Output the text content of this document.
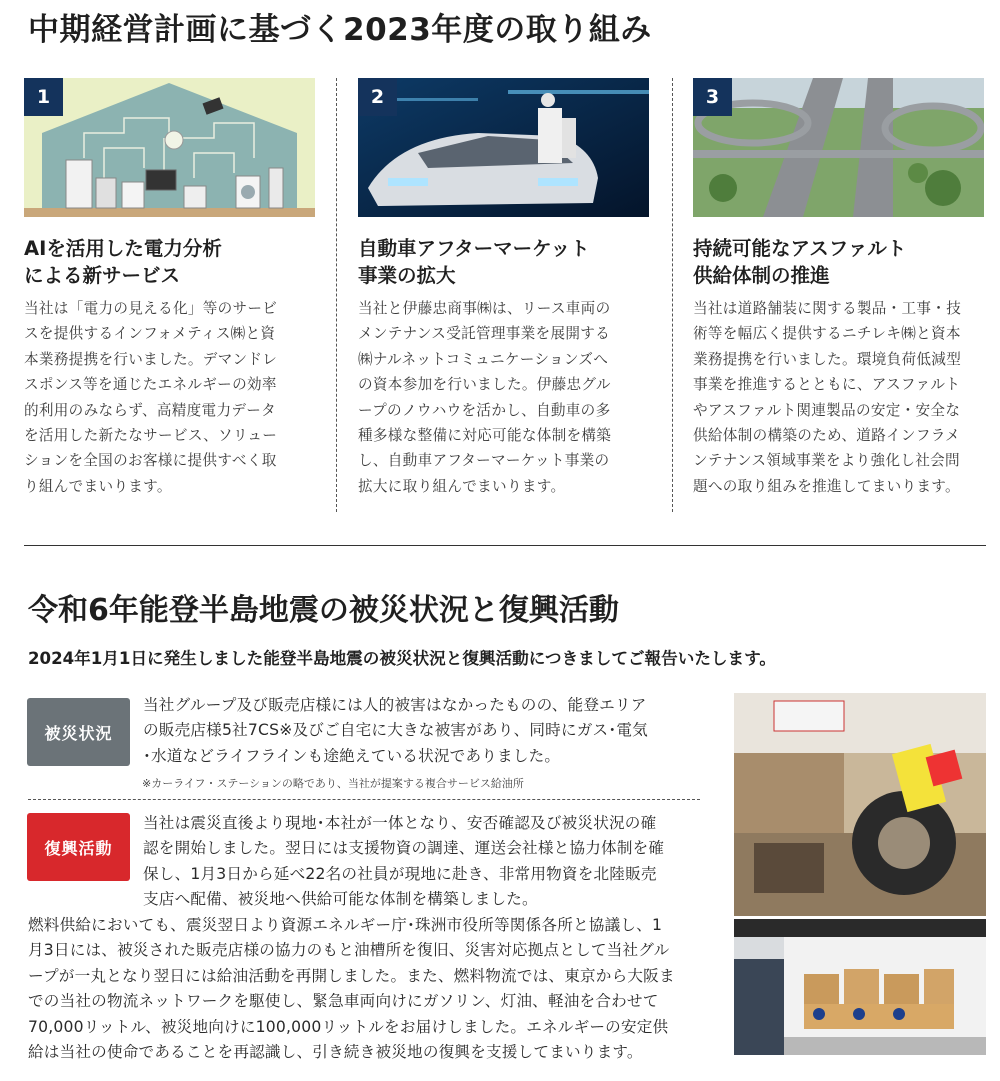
中期経営計画に基づく2023年度の取り組み
1
AIを活用した電力分析
による新サービス
当社は「電力の見える化」等のサービ
スを提供するインフォメティス㈱と資
本業務提携を行いました。デマンドレ
スポンス等を通じたエネルギーの効率
的利用のみならず、高精度電力データ
を活用した新たなサービス、ソリュー
ションを全国のお客様に提供すべく取
り組んでまいります。
2
自動車アフターマーケット
事業の拡大
当社と伊藤忠商事㈱は、リース車両の
メンテナンス受託管理事業を展開する
㈱ナルネットコミュニケーションズへ
の資本参加を行いました。伊藤忠グル
ープのノウハウを活かし、自動車の多
種多様な整備に対応可能な体制を構築
し、自動車アフターマーケット事業の
拡大に取り組んでまいります。
3
持続可能なアスファルト
供給体制の推進
当社は道路舗装に関する製品・工事・技
術等を幅広く提供するニチレキ㈱と資本
業務提携を行いました。環境負荷低減型
事業を推進するとともに、アスファルト
やアスファルト関連製品の安定・安全な
供給体制の構築のため、道路インフラメ
ンテナンス領域事業をより強化し社会問
題への取り組みを推進してまいります。
令和6年能登半島地震の被災状況と復興活動
2024年1月1日に発生しました能登半島地震の被災状況と復興活動につきましてご報告いたします。
被災状況
当社グループ及び販売店様には人的被害はなかったものの、能登エリア
の販売店様5社7CS※及びご自宅に大きな被害があり、同時にガス･電気
･水道などライフラインも途絶えている状況でありました。
※カーライフ・ステーションの略であり、当社が提案する複合サービス給油所
復興活動
当社は震災直後より現地･本社が一体となり、安否確認及び被災状況の確
認を開始しました。翌日には支援物資の調達、運送会社様と協力体制を確
保し、1月3日から延べ22名の社員が現地に赴き、非常用物資を北陸販売
支店へ配備、被災地へ供給可能な体制を構築しました。
燃料供給においても、震災翌日より資源エネルギー庁･珠洲市役所等関係各所と協議し、1
月3日には、被災された販売店様の協力のもと油槽所を復旧、災害対応拠点として当社グル
ープが一丸となり翌日には給油活動を再開しました。また、燃料物流では、東京から大阪ま
での当社の物流ネットワークを駆使し、緊急車両向けにガソリン、灯油、軽油を合わせて
70,000リットル、被災地向けに100,000リットルをお届けしました。エネルギーの安定供
給は当社の使命であることを再認識し、引き続き被災地の復興を支援してまいります。
